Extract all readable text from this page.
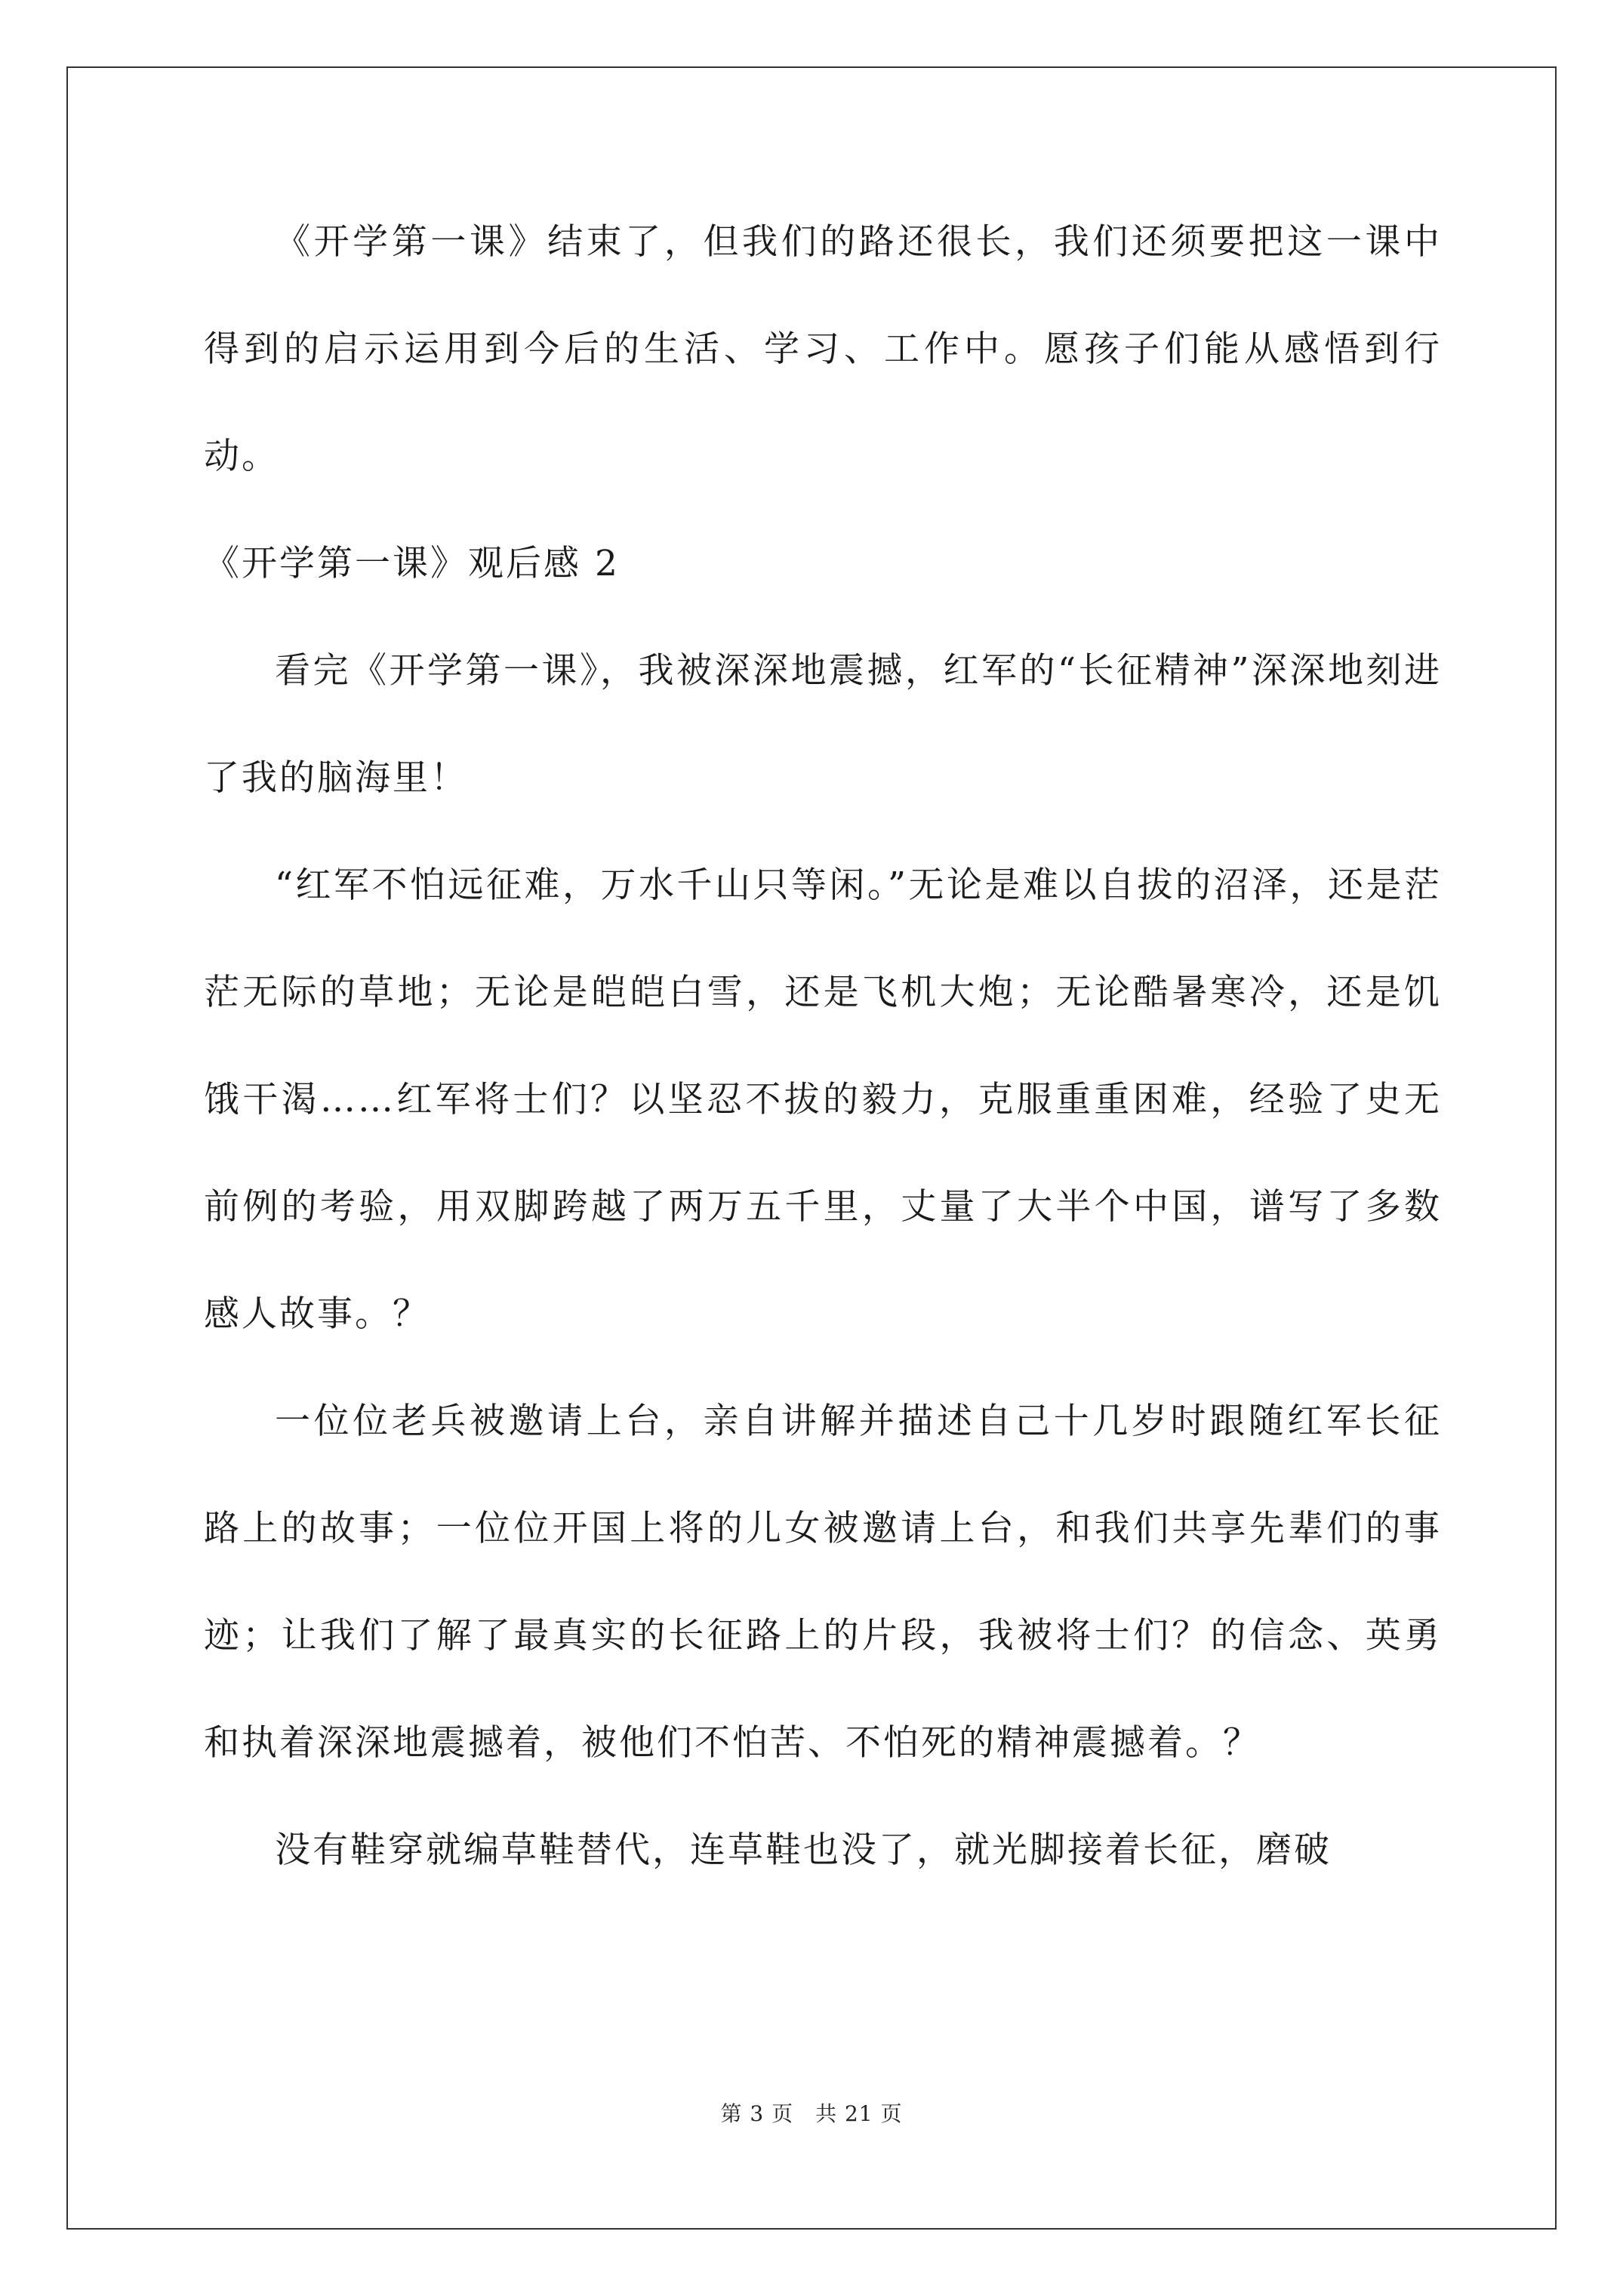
《开学第一课》结束了，但我们的路还很长，我们还须要把这一课中得到的启示运用到今后的生活、学习、工作中。愿孩子们能从感悟到行动。

《开学第一课》观后感 2

看完《开学第一课》，我被深深地震撼，红军的“长征精神”深深地刻进了我的脑海里！

“红军不怕远征难，万水千山只等闲。”无论是难以自拔的沼泽，还是茫茫无际的草地；无论是皑皑白雪，还是飞机大炮；无论酷暑寒冷，还是饥饿干渴……红军将士们？以坚忍不拔的毅力，克服重重困难，经验了史无前例的考验，用双脚跨越了两万五千里，丈量了大半个中国，谱写了多数感人故事。？

一位位老兵被邀请上台，亲自讲解并描述自己十几岁时跟随红军长征路上的故事；一位位开国上将的儿女被邀请上台，和我们共享先辈们的事迹；让我们了解了最真实的长征路上的片段，我被将士们？的信念、英勇和执着深深地震撼着，被他们不怕苦、不怕死的精神震撼着。？

没有鞋穿就编草鞋替代，连草鞋也没了，就光脚接着长征，磨破

第 3 页　共 21 页
